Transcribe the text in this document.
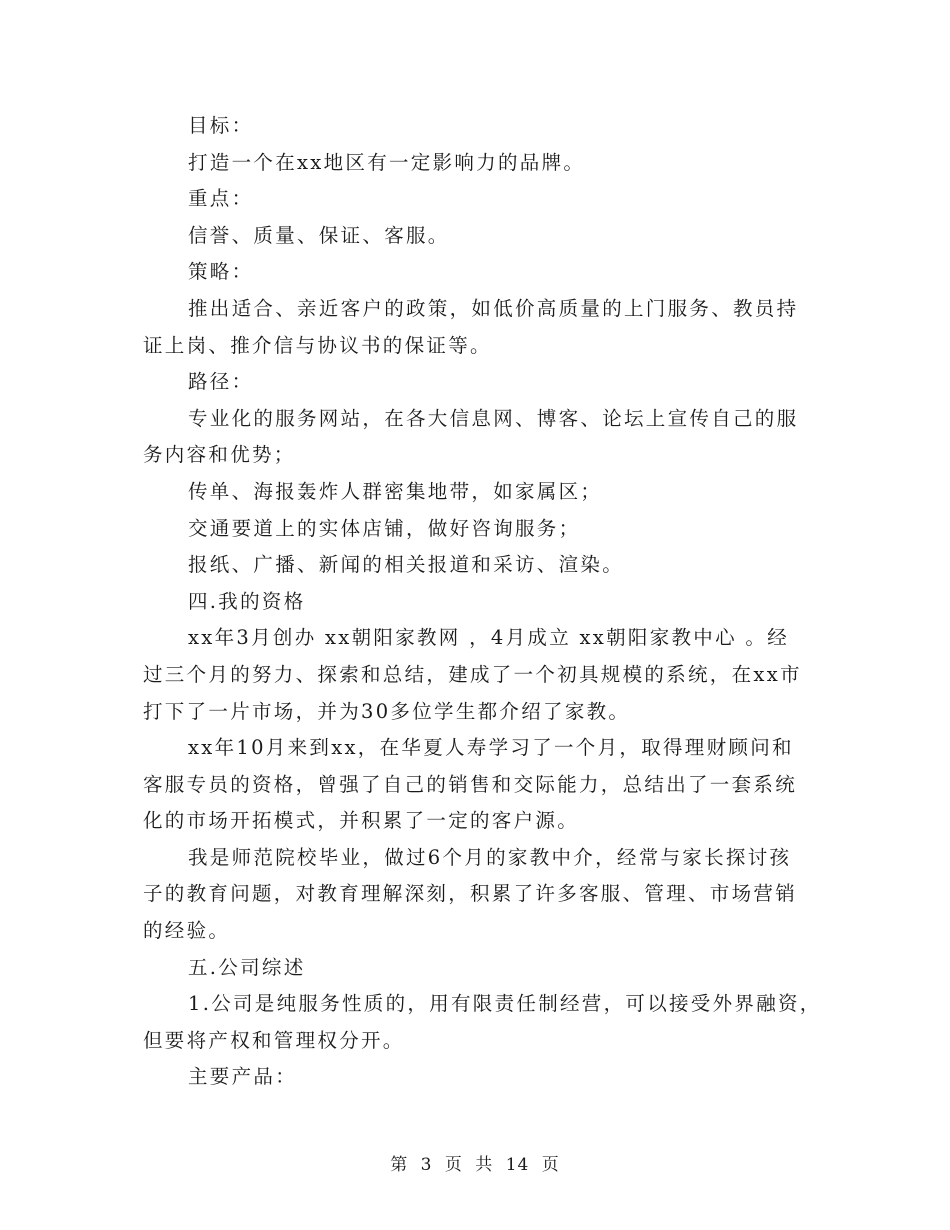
目标：
打造一个在xx地区有一定影响力的品牌。
重点：
信誉、质量、保证、客服。
策略：
推出适合、亲近客户的政策，如低价高质量的上门服务、教员持
证上岗、推介信与协议书的保证等。
路径：
专业化的服务网站，在各大信息网、博客、论坛上宣传自己的服
务内容和优势；
传单、海报轰炸人群密集地带，如家属区；
交通要道上的实体店铺，做好咨询服务；
报纸、广播、新闻的相关报道和采访、渲染。
四.我的资格
xx年3月创办 xx朝阳家教网 ，4月成立 xx朝阳家教中心 。经
过三个月的努力、探索和总结，建成了一个初具规模的系统，在xx市
打下了一片市场，并为30多位学生都介绍了家教。
xx年10月来到xx，在华夏人寿学习了一个月，取得理财顾问和
客服专员的资格，曾强了自己的销售和交际能力，总结出了一套系统
化的市场开拓模式，并积累了一定的客户源。
我是师范院校毕业，做过6个月的家教中介，经常与家长探讨孩
子的教育问题，对教育理解深刻，积累了许多客服、管理、市场营销
的经验。
五.公司综述
1.公司是纯服务性质的，用有限责任制经营，可以接受外界融资，
但要将产权和管理权分开。
主要产品：
第 3 页 共 14 页
